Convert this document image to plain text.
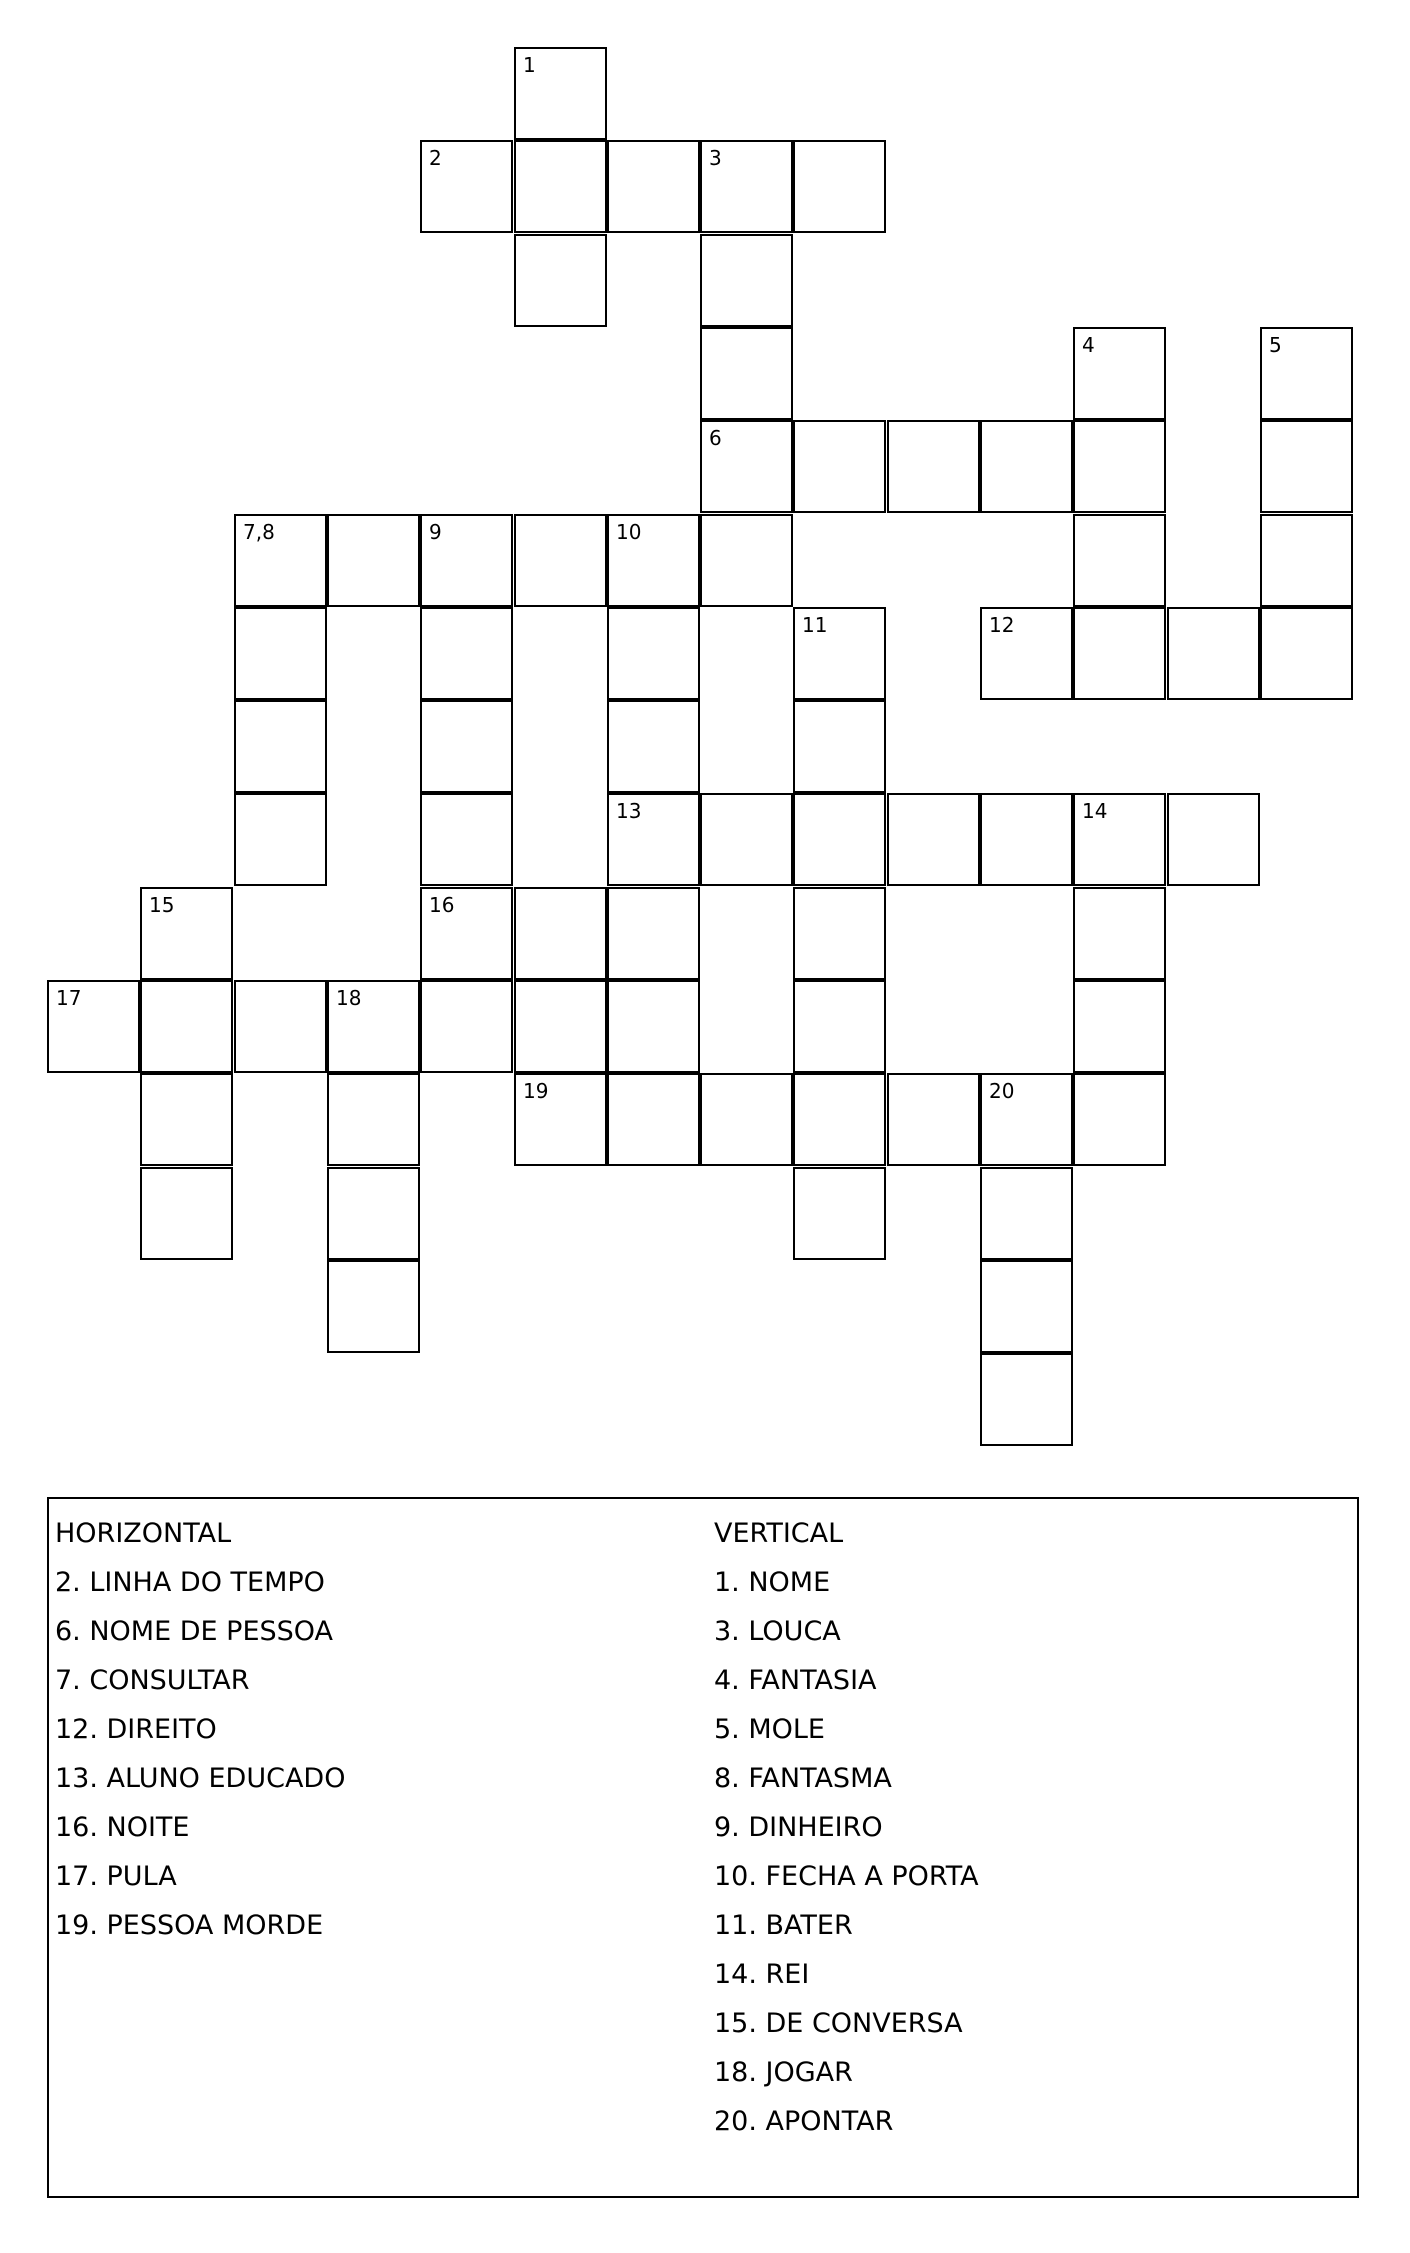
1
2	3
4	5
6
7,8	9	10
11	12
13	14
15	16
17	18
19	20
HORIZONTAL
2. LINHA DO TEMPO
6. NOME DE PESSOA
7. CONSULTAR
12. DIREITO
13. ALUNO EDUCADO
16. NOITE
17. PULA
19. PESSOA MORDE
VERTICAL
1. NOME
3. LOUCA
4. FANTASIA
5. MOLE
8. FANTASMA
9. DINHEIRO
10. FECHA A PORTA
11. BATER
14. REI
15. DE CONVERSA
18. JOGAR
20. APONTAR
